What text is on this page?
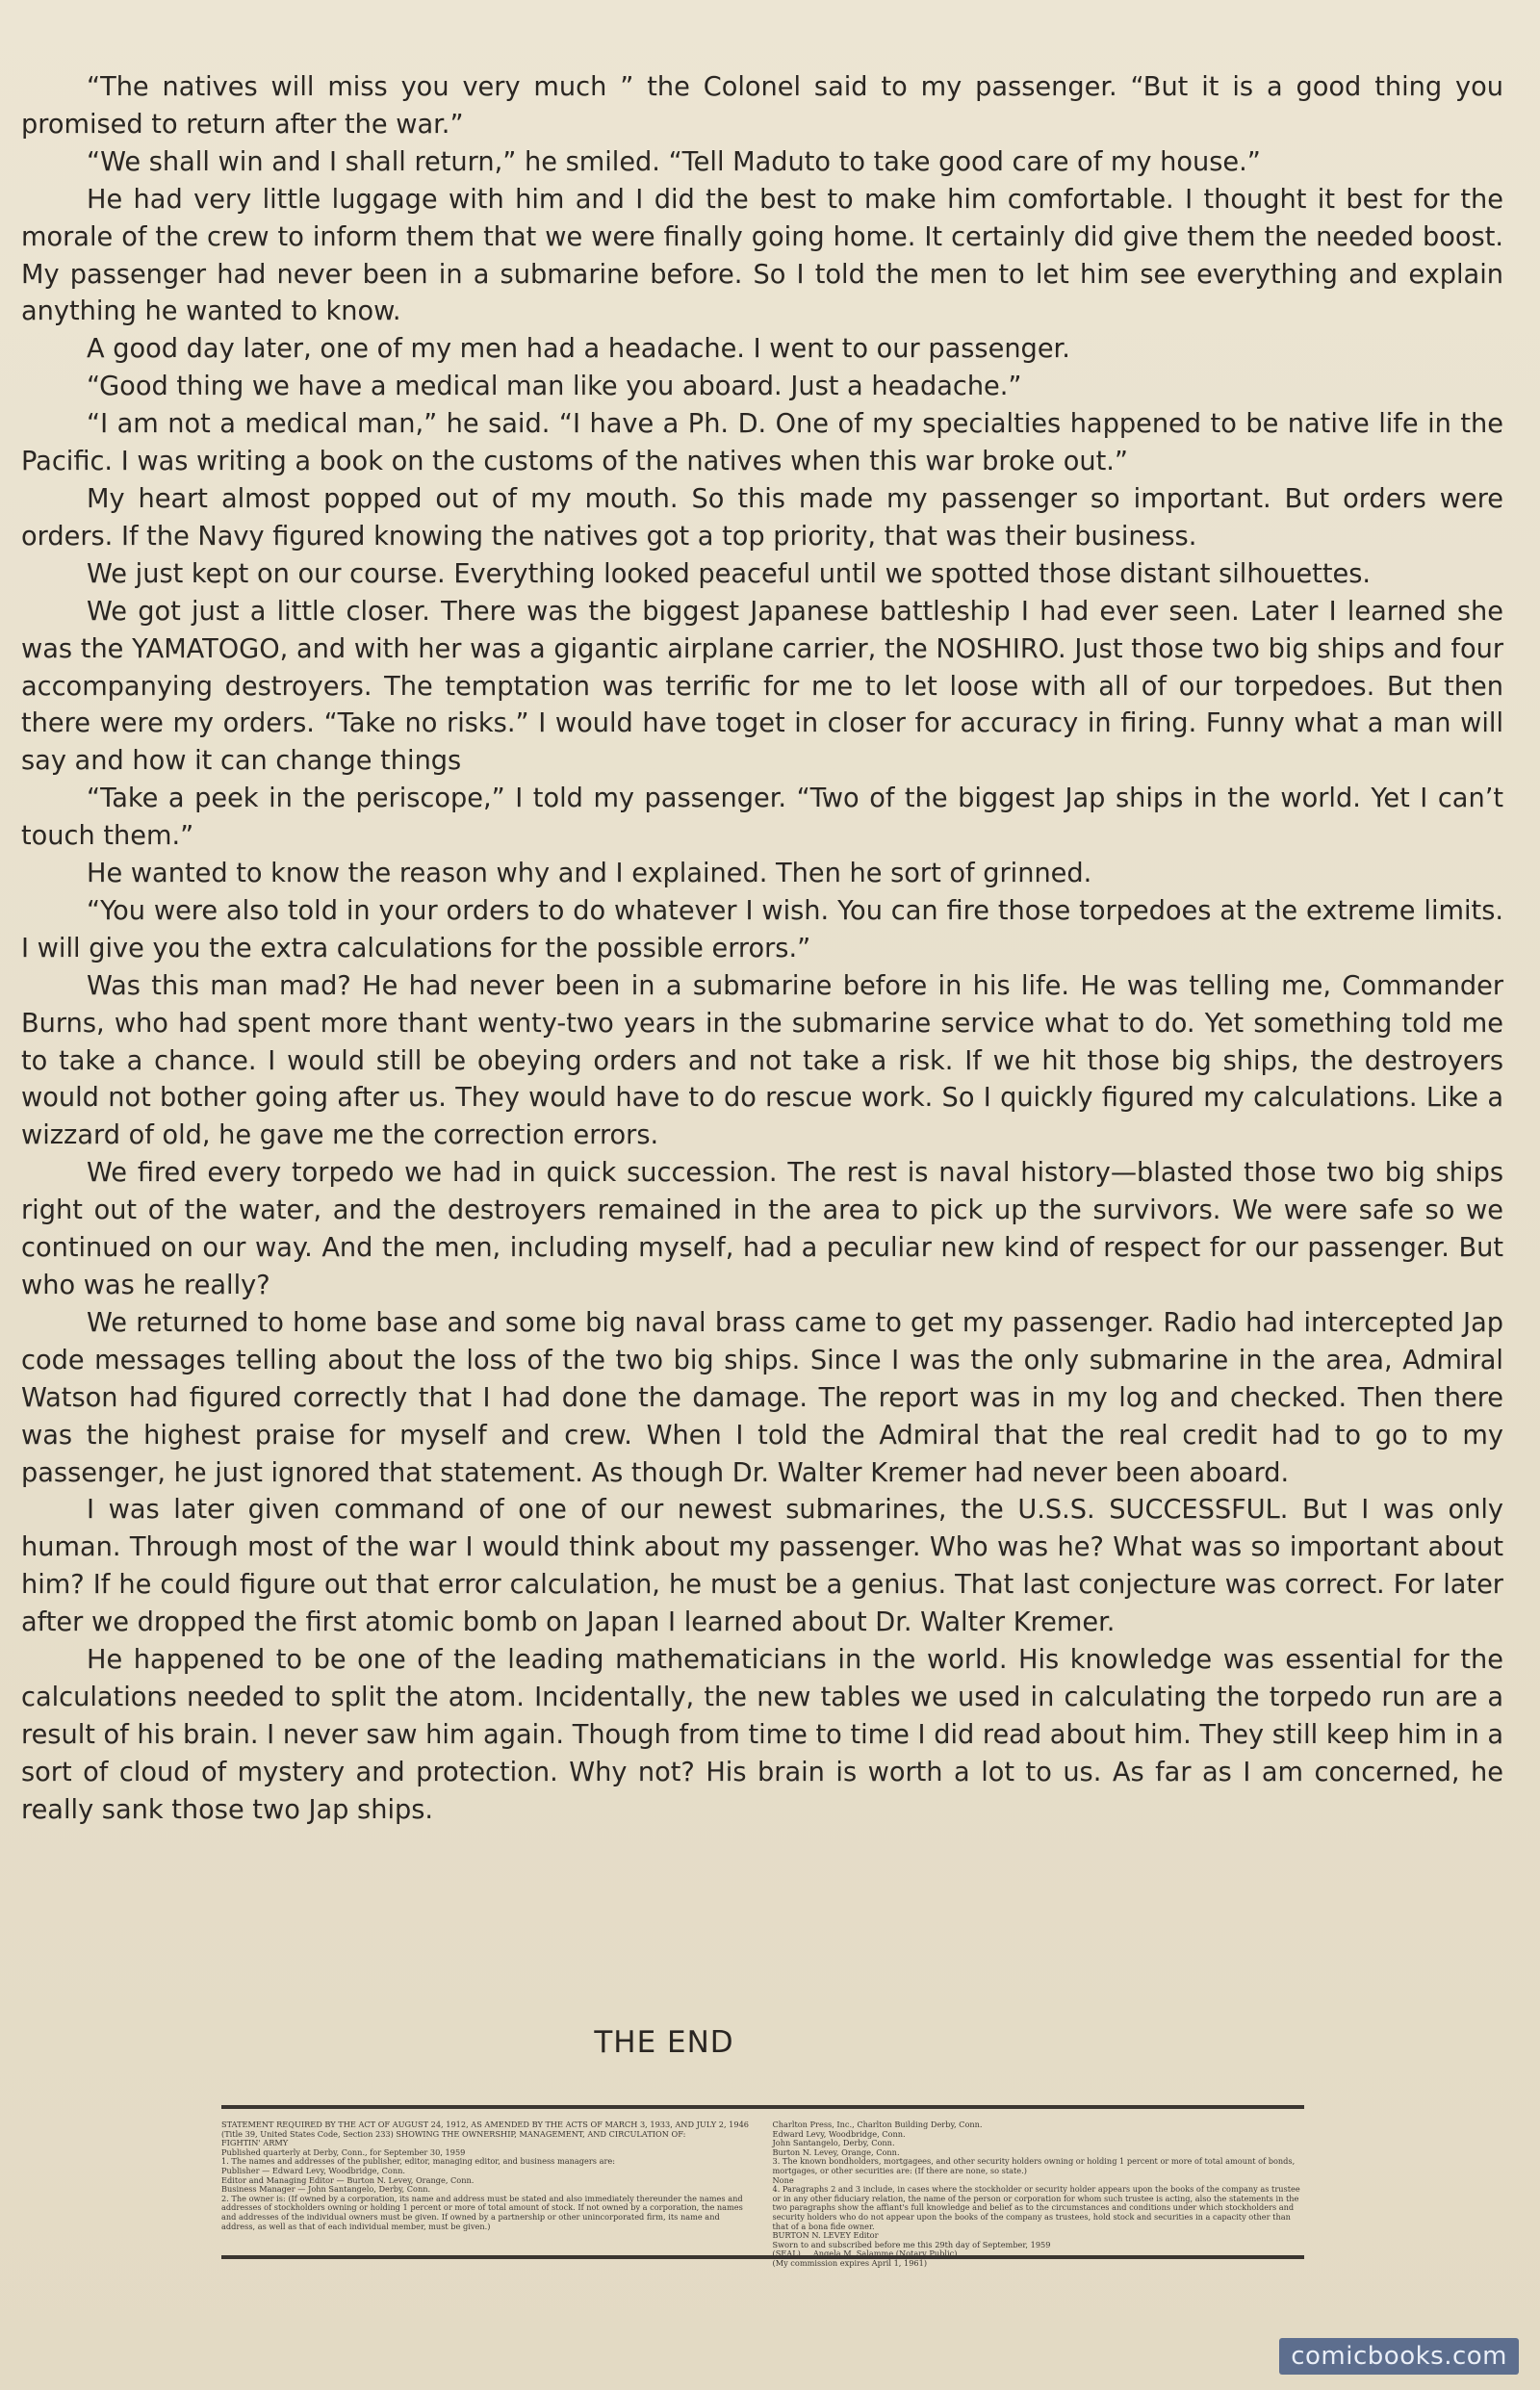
“The natives will miss you very much ” the Colonel said to my passenger. “But it is a good thing you promised to return after the war.”

“We shall win and I shall return,” he smiled. “Tell Maduto to take good care of my house.”

He had very little luggage with him and I did the best to make him comfortable. I thought it best for the morale of the crew to inform them that we were finally going home. It certainly did give them the needed boost. My passenger had never been in a submarine before. So I told the men to let him see everything and explain anything he wanted to know.

A good day later, one of my men had a headache. I went to our passenger.

“Good thing we have a medical man like you aboard. Just a headache.”

“I am not a medical man,” he said. “I have a Ph. D. One of my specialties happened to be native life in the Pacific. I was writing a book on the customs of the natives when this war broke out.”

My heart almost popped out of my mouth. So this made my passenger so important. But orders were orders. If the Navy figured knowing the natives got a top priority, that was their business.

We just kept on our course. Everything looked peaceful until we spotted those distant silhouettes.

We got just a little closer. There was the biggest Japanese battleship I had ever seen. Later I learned she was the YAMATOGO, and with her was a gigantic airplane carrier, the NOSHIRO. Just those two big ships and four accompanying destroyers. The temptation was terrific for me to let loose with all of our torpedoes. But then there were my orders. “Take no risks.” I would have toget in closer for accuracy in firing. Funny what a man will say and how it can change things

“Take a peek in the periscope,” I told my passenger. “Two of the biggest Jap ships in the world. Yet I can’t touch them.”

He wanted to know the reason why and I explained. Then he sort of grinned.

“You were also told in your orders to do whatever I wish. You can fire those torpedoes at the extreme limits. I will give you the extra calculations for the possible errors.”

Was this man mad? He had never been in a submarine before in his life. He was telling me, Commander Burns, who had spent more thant wenty-two years in the submarine service what to do. Yet something told me to take a chance. I would still be obeying orders and not take a risk. If we hit those big ships, the destroyers would not bother going after us. They would have to do rescue work. So I quickly figured my calculations. Like a wizzard of old, he gave me the correction errors.

We fired every torpedo we had in quick succession. The rest is naval history—blasted those two big ships right out of the water, and the destroyers remained in the area to pick up the survivors. We were safe so we continued on our way. And the men, including myself, had a peculiar new kind of respect for our passenger. But who was he really?

We returned to home base and some big naval brass came to get my passenger. Radio had intercepted Jap code messages telling about the loss of the two big ships. Since I was the only submarine in the area, Admiral Watson had figured correctly that I had done the damage. The report was in my log and checked. Then there was the highest praise for myself and crew. When I told the Admiral that the real credit had to go to my passenger, he just ignored that statement. As though Dr. Walter Kremer had never been aboard.

I was later given command of one of our newest submarines, the U.S.S. SUCCESSFUL. But I was only human. Through most of the war I would think about my passenger. Who was he? What was so important about him? If he could figure out that error calculation, he must be a genius. That last conjecture was correct. For later after we dropped the first atomic bomb on Japan I learned about Dr. Walter Kremer.

He happened to be one of the leading mathematicians in the world. His knowledge was essential for the calculations needed to split the atom. Incidentally, the new tables we used in calculating the torpedo run are a result of his brain. I never saw him again. Though from time to time I did read about him. They still keep him in a sort of cloud of mystery and protection. Why not? His brain is worth a lot to us. As far as I am concerned, he really sank those two Jap ships.

THE END
STATEMENT REQUIRED BY THE ACT OF AUGUST 24, 1912, AS AMENDED BY THE ACTS OF MARCH 3, 1933, AND JULY 2, 1946 (Title 39, United States Code, Section 233) SHOWING THE OWNERSHIP, MANAGEMENT, AND CIRCULATION OF:
FIGHTIN' ARMY
Published quarterly at Derby, Conn., for September 30, 1959
1. The names and addresses of the publisher, editor, managing editor, and business managers are:
Publisher — Edward Levy, Woodbridge, Conn.
Editor and Managing Editor — Burton N. Levey, Orange, Conn.
Business Manager — John Santangelo, Derby, Conn.
2. The owner is: (If owned by a corporation, its name and address must be stated and also immediately thereunder the names and addresses of stockholders owning or holding 1 percent or more of total amount of stock. If not owned by a corporation, the names and addresses of the individual owners must be given. If owned by a partnership or other unincorporated firm, its name and address, as well as that of each individual member, must be given.)
Charlton Press, Inc., Charlton Building Derby, Conn.
Edward Levy, Woodbridge, Conn.
John Santangelo, Derby, Conn.
Burton N. Levey, Orange, Conn.
3. The known bondholders, mortgagees, and other security holders owning or holding 1 percent or more of total amount of bonds, mortgages, or other securities are: (If there are none, so state.)
None
4. Paragraphs 2 and 3 include, in cases where the stockholder or security holder appears upon the books of the company as trustee or in any other fiduciary relation, the name of the person or corporation for whom such trustee is acting, also the statements in the two paragraphs show the affiant's full knowledge and belief as to the circumstances and conditions under which stockholders and security holders who do not appear upon the books of the company as trustees, hold stock and securities in a capacity other than that of a bona fide owner.
BURTON N. LEVEY Editor
Sworn to and subscribed before me this 29th day of September, 1959
(SEAL)     Angela M. Salamme (Notary Public)
(My commission expires April 1, 1961)
comicbooks.com
